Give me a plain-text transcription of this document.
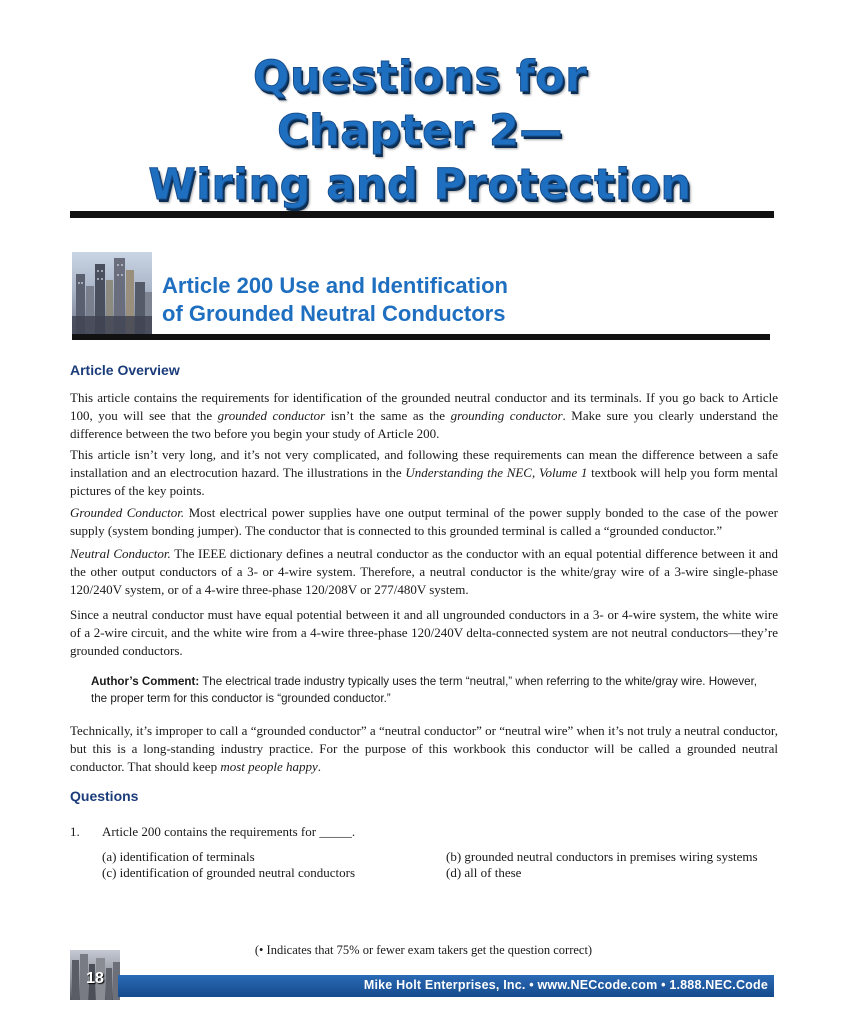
Questions for
Chapter 2—
Wiring and Protection
Article 200 Use and Identification
of Grounded Neutral Conductors
Article Overview

This article contains the requirements for identification of the grounded neutral conductor and its terminals. If you go back to Article 100, you will see that the grounded conductor isn’t the same as the grounding conductor. Make sure you clearly understand the difference between the two before you begin your study of Article 200.

This article isn’t very long, and it’s not very complicated, and following these requirements can mean the difference between a safe installation and an electrocution hazard. The illustrations in the Understanding the NEC, Volume 1 textbook will help you form mental pictures of the key points.

Grounded Conductor. Most electrical power supplies have one output terminal of the power supply bonded to the case of the power supply (system bonding jumper). The conductor that is connected to this grounded terminal is called a “grounded conductor.”

Neutral Conductor. The IEEE dictionary defines a neutral conductor as the conductor with an equal potential difference between it and the other output conductors of a 3- or 4-wire system. Therefore, a neutral conductor is the white/gray wire of a 3-wire single-phase 120/240V system, or of a 4-wire three-phase 120/208V or 277/480V system.

Since a neutral conductor must have equal potential between it and all ungrounded conductors in a 3- or 4-wire system, the white wire of a 2-wire circuit, and the white wire from a 4-wire three-phase 120/240V delta-connected system are not neutral conductors—they’re grounded conductors.

Author’s Comment: The electrical trade industry typically uses the term “neutral,” when referring to the white/gray wire. However, the proper term for this conductor is “grounded conductor.”

Technically, it’s improper to call a “grounded conductor” a “neutral conductor” or “neutral wire” when it’s not truly a neutral conductor, but this is a long-standing industry practice. For the purpose of this workbook this conductor will be called a grounded neutral conductor. That should keep most people happy.

Questions
1. Article 200 contains the requirements for _____.
(a) identification of terminals	(b) grounded neutral conductors in premises wiring systems
(c) identification of grounded neutral conductors	(d) all of these
(• Indicates that 75% or fewer exam takers get the question correct)
18	Mike Holt Enterprises, Inc. • www.NECcode.com • 1.888.NEC.Code
